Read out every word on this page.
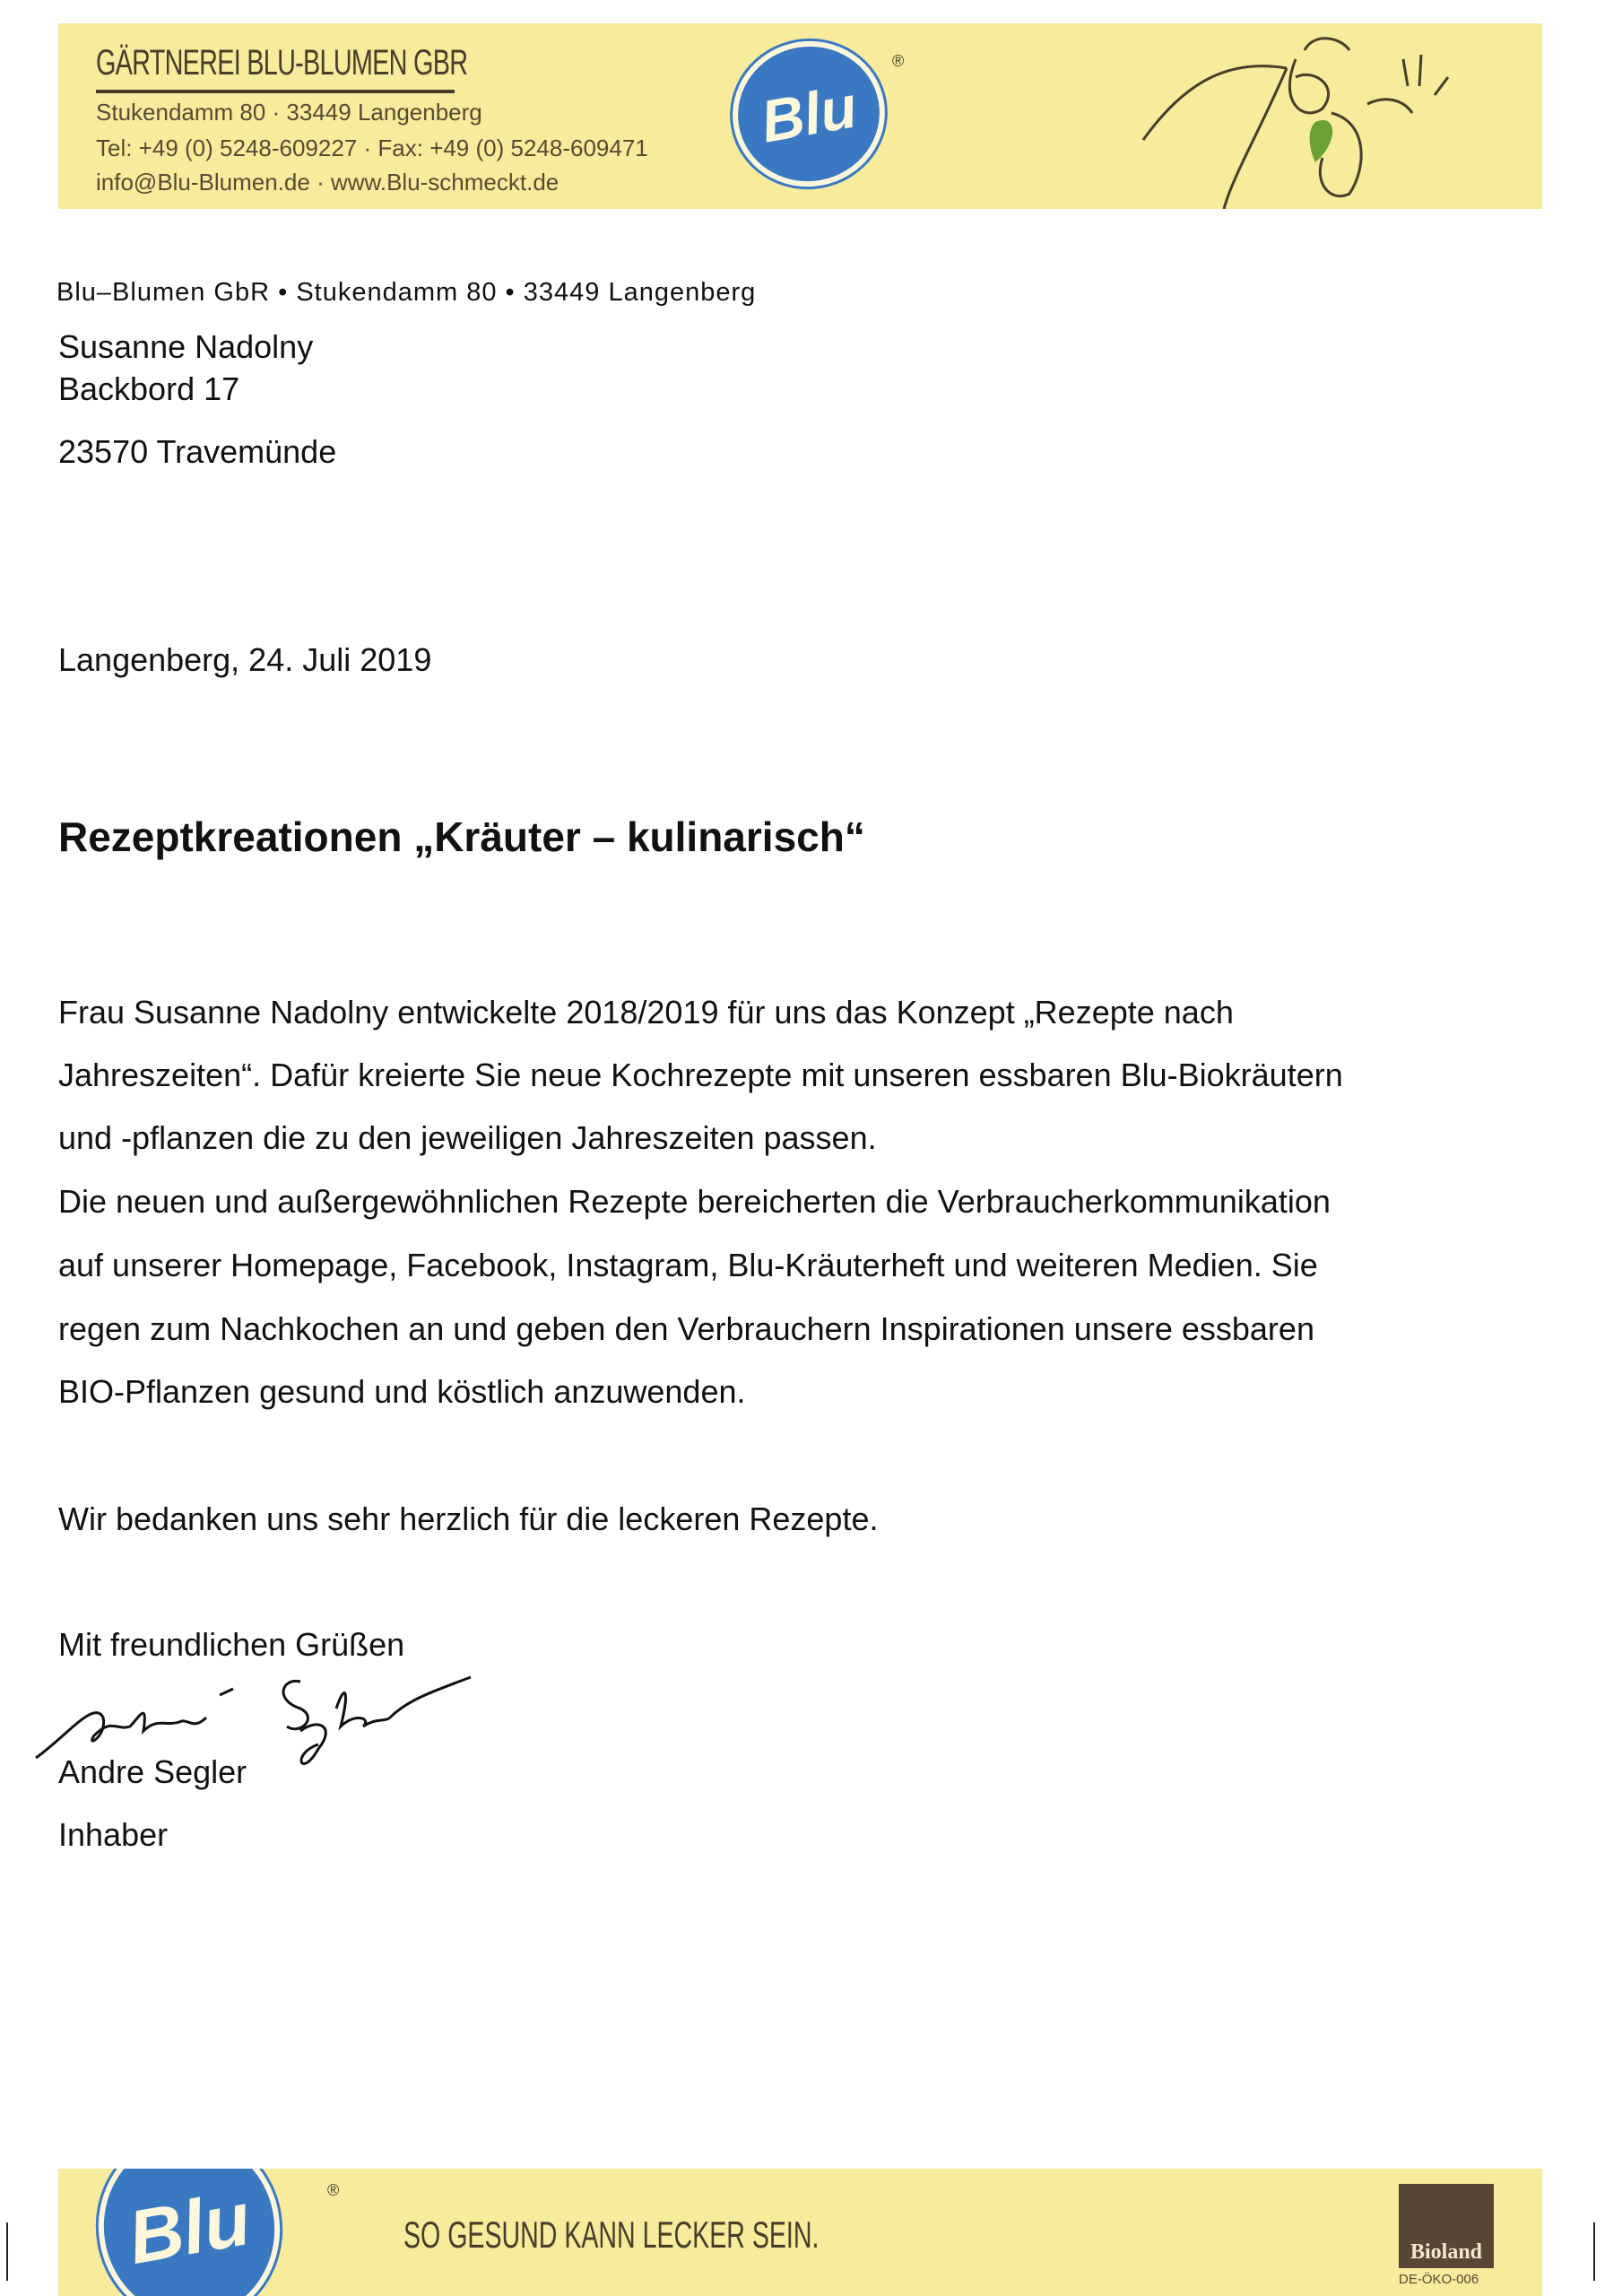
GÄRTNEREI BLU-BLUMEN GBR
Stukendamm 80 · 33449 Langenberg
Tel: +49 (0) 5248-609227 · Fax: +49 (0) 5248-609471
info@Blu-Blumen.de · www.Blu-schmeckt.de
Blu
®
Blu–Blumen GbR • Stukendamm 80 • 33449 Langenberg
Susanne Nadolny
Backbord 17
23570 Travemünde
Langenberg, 24. Juli 2019
Rezeptkreationen „Kräuter – kulinarisch“
Frau Susanne Nadolny entwickelte 2018/2019 für uns das Konzept „Rezepte nach
Jahreszeiten“. Dafür kreierte Sie neue Kochrezepte mit unseren essbaren Blu-Biokräutern
und -pflanzen die zu den jeweiligen Jahreszeiten passen.
Die neuen und außergewöhnlichen Rezepte bereicherten die Verbraucherkommunikation
auf unserer Homepage, Facebook, Instagram, Blu-Kräuterheft und weiteren Medien. Sie
regen zum Nachkochen an und geben den Verbrauchern Inspirationen unsere essbaren
BIO-Pflanzen gesund und köstlich anzuwenden.
Wir bedanken uns sehr herzlich für die leckeren Rezepte.
Mit freundlichen Grüßen
Andre Segler
Inhaber
Blu	®
SO GESUND KANN LECKER SEIN.	Bioland
DE-ÖKO-006
